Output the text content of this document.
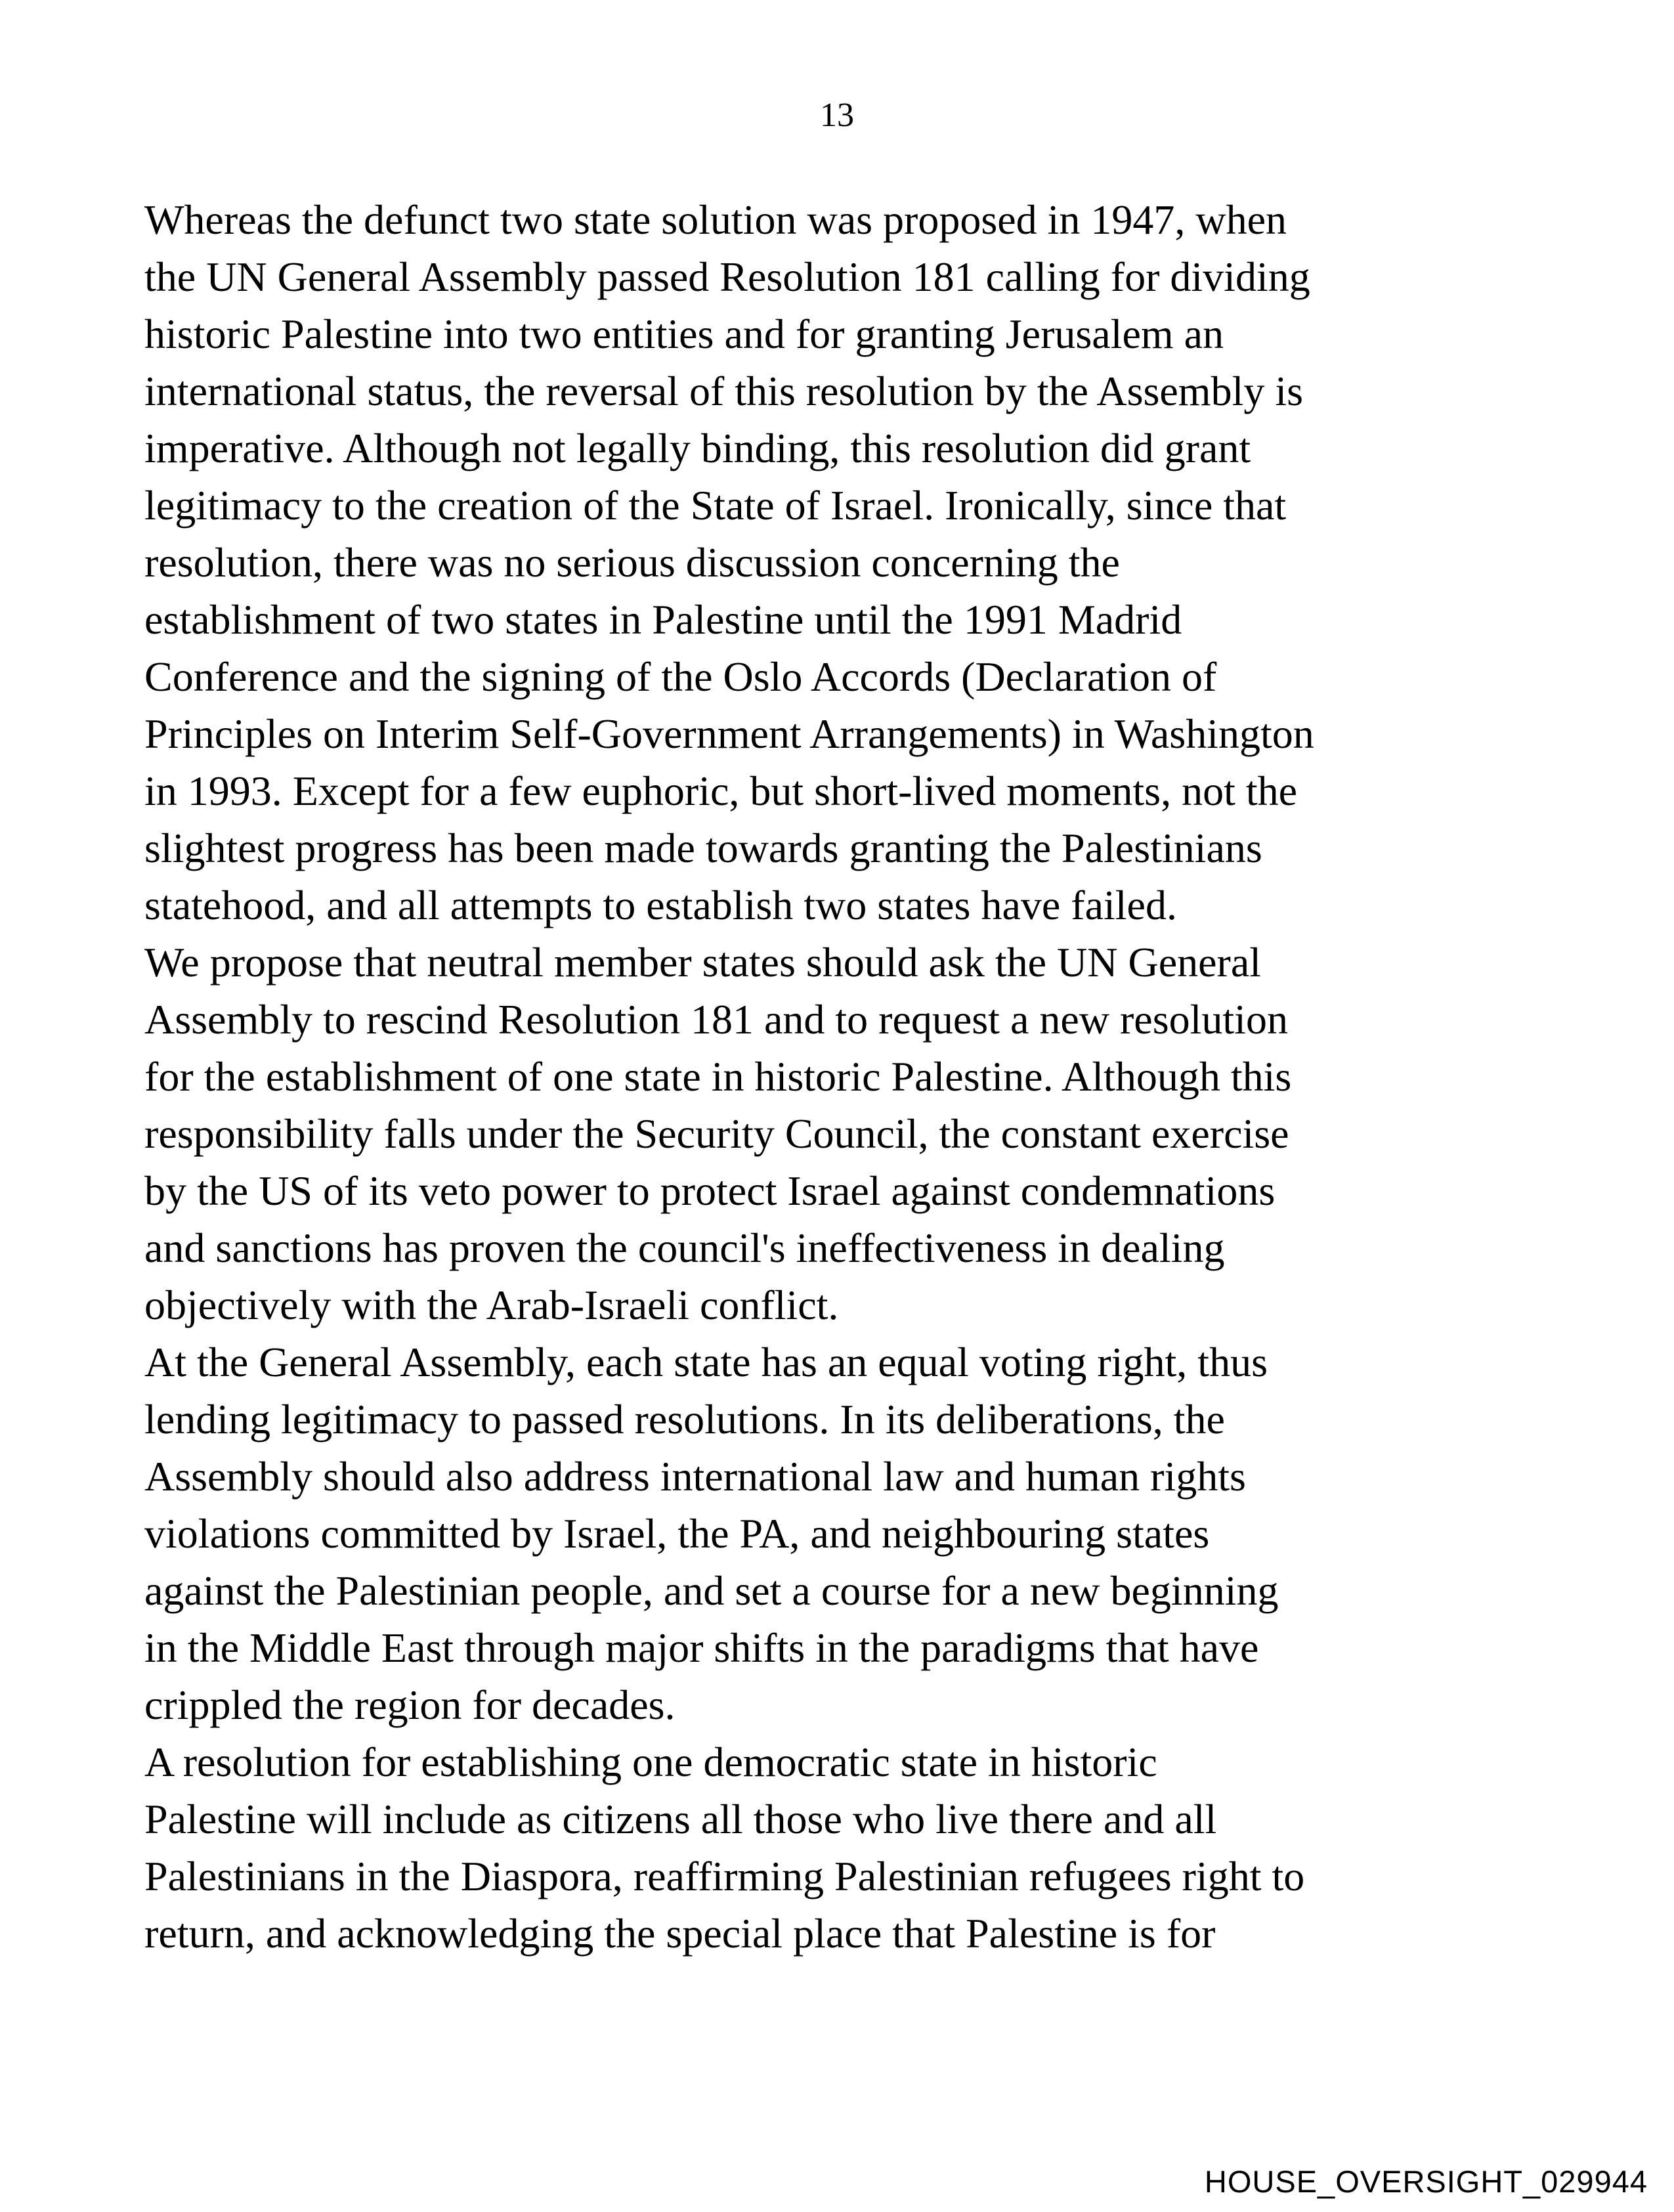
13
Whereas the defunct two state solution was proposed in 1947, when
the UN General Assembly passed Resolution 181 calling for dividing
historic Palestine into two entities and for granting Jerusalem an
international status, the reversal of this resolution by the Assembly is
imperative. Although not legally binding, this resolution did grant
legitimacy to the creation of the State of Israel. Ironically, since that
resolution, there was no serious discussion concerning the
establishment of two states in Palestine until the 1991 Madrid
Conference and the signing of the Oslo Accords (Declaration of
Principles on Interim Self-Government Arrangements) in Washington
in 1993. Except for a few euphoric, but short-lived moments, not the
slightest progress has been made towards granting the Palestinians
statehood, and all attempts to establish two states have failed.
We propose that neutral member states should ask the UN General
Assembly to rescind Resolution 181 and to request a new resolution
for the establishment of one state in historic Palestine. Although this
responsibility falls under the Security Council, the constant exercise
by the US of its veto power to protect Israel against condemnations
and sanctions has proven the council's ineffectiveness in dealing
objectively with the Arab-Israeli conflict.
At the General Assembly, each state has an equal voting right, thus
lending legitimacy to passed resolutions. In its deliberations, the
Assembly should also address international law and human rights
violations committed by Israel, the PA, and neighbouring states
against the Palestinian people, and set a course for a new beginning
in the Middle East through major shifts in the paradigms that have
crippled the region for decades.
A resolution for establishing one democratic state in historic
Palestine will include as citizens all those who live there and all
Palestinians in the Diaspora, reaffirming Palestinian refugees right to
return, and acknowledging the special place that Palestine is for
HOUSE_OVERSIGHT_029944
